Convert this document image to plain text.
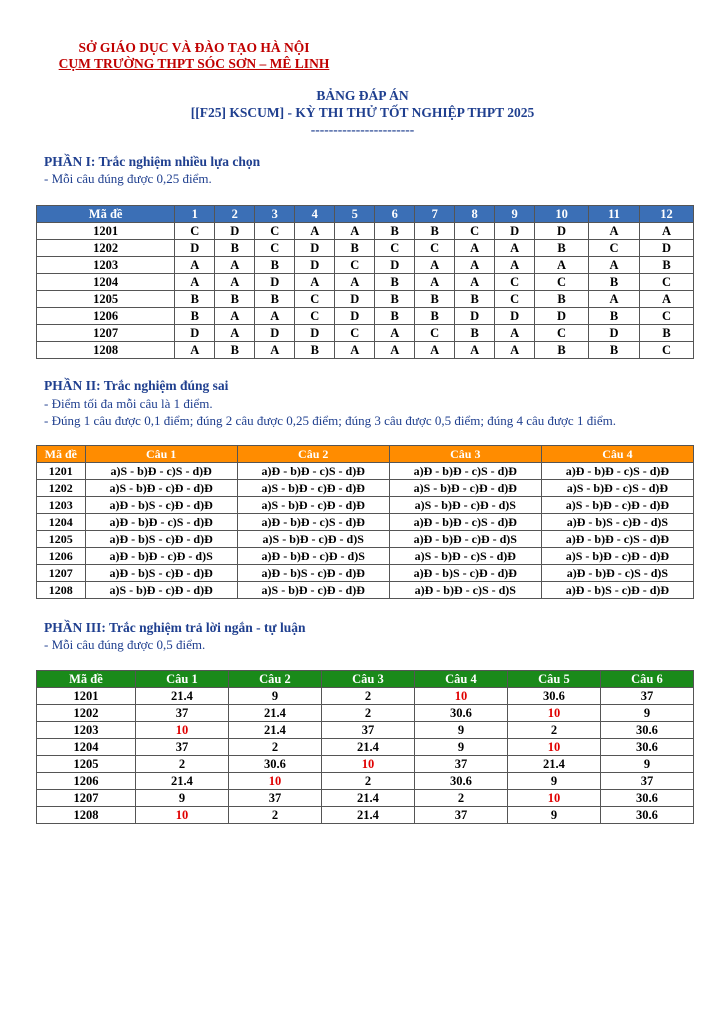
SỞ GIÁO DỤC VÀ ĐÀO TẠO HÀ NỘI
CỤM TRƯỜNG THPT SÓC SƠN – MÊ LINH
BẢNG ĐÁP ÁN
[[F25] KSCUM] - KỲ THI THỬ TỐT NGHIỆP THPT 2025
-----------------------
PHẦN I: Trắc nghiệm nhiều lựa chọn
- Mỗi câu đúng được 0,25 điểm.
Mã đề	1	2	3	4	5	6	7	8	9	10	11	12
1201	C	D	C	A	A	B	B	C	D	D	A	A
1202	D	B	C	D	B	C	C	A	A	B	C	D
1203	A	A	B	D	C	D	A	A	A	A	A	B
1204	A	A	D	A	A	B	A	A	C	C	B	C
1205	B	B	B	C	D	B	B	B	C	B	A	A
1206	B	A	A	C	D	B	B	D	D	D	B	C
1207	D	A	D	D	C	A	C	B	A	C	D	B
1208	A	B	A	B	A	A	A	A	A	B	B	C
PHẦN II: Trắc nghiệm đúng sai
- Điểm tối đa mỗi câu là 1 điểm.
- Đúng 1 câu được 0,1 điểm; đúng 2 câu được 0,25 điểm; đúng 3 câu được 0,5 điểm; đúng 4 câu được 1 điểm.
Mã đề	Câu 1	Câu 2	Câu 3	Câu 4
1201	a)S - b)Đ - c)S - d)Đ	a)Đ - b)Đ - c)S - d)Đ	a)Đ - b)Đ - c)S - d)Đ	a)Đ - b)Đ - c)S - d)Đ
1202	a)S - b)Đ - c)Đ - d)Đ	a)S - b)Đ - c)Đ - d)Đ	a)S - b)Đ - c)Đ - d)Đ	a)S - b)Đ - c)S - d)Đ
1203	a)Đ - b)S - c)Đ - d)Đ	a)S - b)Đ - c)Đ - d)Đ	a)S - b)Đ - c)Đ - d)S	a)S - b)Đ - c)Đ - d)Đ
1204	a)Đ - b)Đ - c)S - d)Đ	a)Đ - b)Đ - c)S - d)Đ	a)Đ - b)Đ - c)S - d)Đ	a)Đ - b)S - c)Đ - d)S
1205	a)Đ - b)S - c)Đ - d)Đ	a)S - b)Đ - c)Đ - d)S	a)Đ - b)Đ - c)Đ - d)S	a)Đ - b)Đ - c)S - d)Đ
1206	a)Đ - b)Đ - c)Đ - d)S	a)Đ - b)Đ - c)Đ - d)S	a)S - b)Đ - c)S - d)Đ	a)S - b)Đ - c)Đ - d)Đ
1207	a)Đ - b)S - c)Đ - d)Đ	a)Đ - b)S - c)Đ - d)Đ	a)Đ - b)S - c)Đ - d)Đ	a)Đ - b)Đ - c)S - d)S
1208	a)S - b)Đ - c)Đ - d)Đ	a)S - b)Đ - c)Đ - d)Đ	a)Đ - b)Đ - c)S - d)S	a)Đ - b)S - c)Đ - d)Đ
PHẦN III: Trắc nghiệm trả lời ngắn - tự luận
- Mỗi câu đúng được 0,5 điểm.
Mã đề	Câu 1	Câu 2	Câu 3	Câu 4	Câu 5	Câu 6
1201	21.4	9	2	10	30.6	37
1202	37	21.4	2	30.6	10	9
1203	10	21.4	37	9	2	30.6
1204	37	2	21.4	9	10	30.6
1205	2	30.6	10	37	21.4	9
1206	21.4	10	2	30.6	9	37
1207	9	37	21.4	2	10	30.6
1208	10	2	21.4	37	9	30.6
